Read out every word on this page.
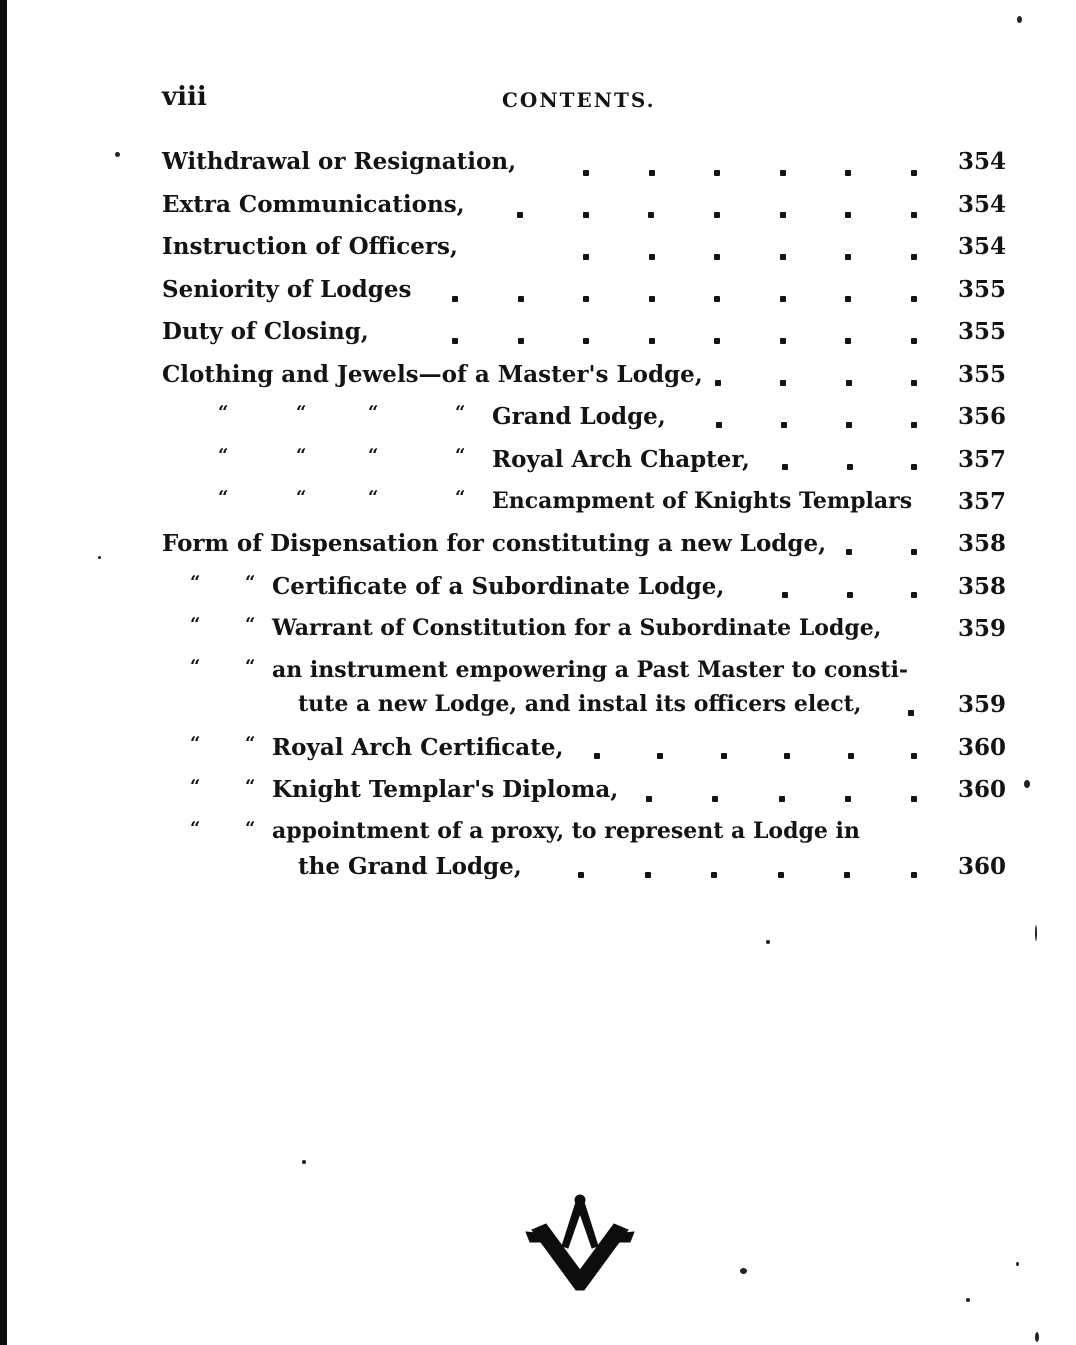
viii	CONTENTS.
Withdrawal or Resignation,	354
Extra Communications,	354
Instruction of Officers,	354
Seniority of Lodges	355
Duty of Closing,	355
Clothing and Jewels—of a Master's Lodge,	355
“	“	“	“ Grand Lodge,	356
“	“	“	“ Royal Arch Chapter,	357
“	“	“	“ Encampment of Knights Templars 357
Form of Dispensation for constituting a new Lodge,	358
“ “ Certificate of a Subordinate Lodge,	358
“ “ Warrant of Constitution for a Subordinate Lodge,	359
“ “ an instrument empowering a Past Master to consti-
tute a new Lodge, and instal its officers elect,	359
“ “ Royal Arch Certificate,	360
“ “ Knight Templar's Diploma,	360
“ “ appointment of a proxy, to represent a Lodge in
the Grand Lodge,	360
